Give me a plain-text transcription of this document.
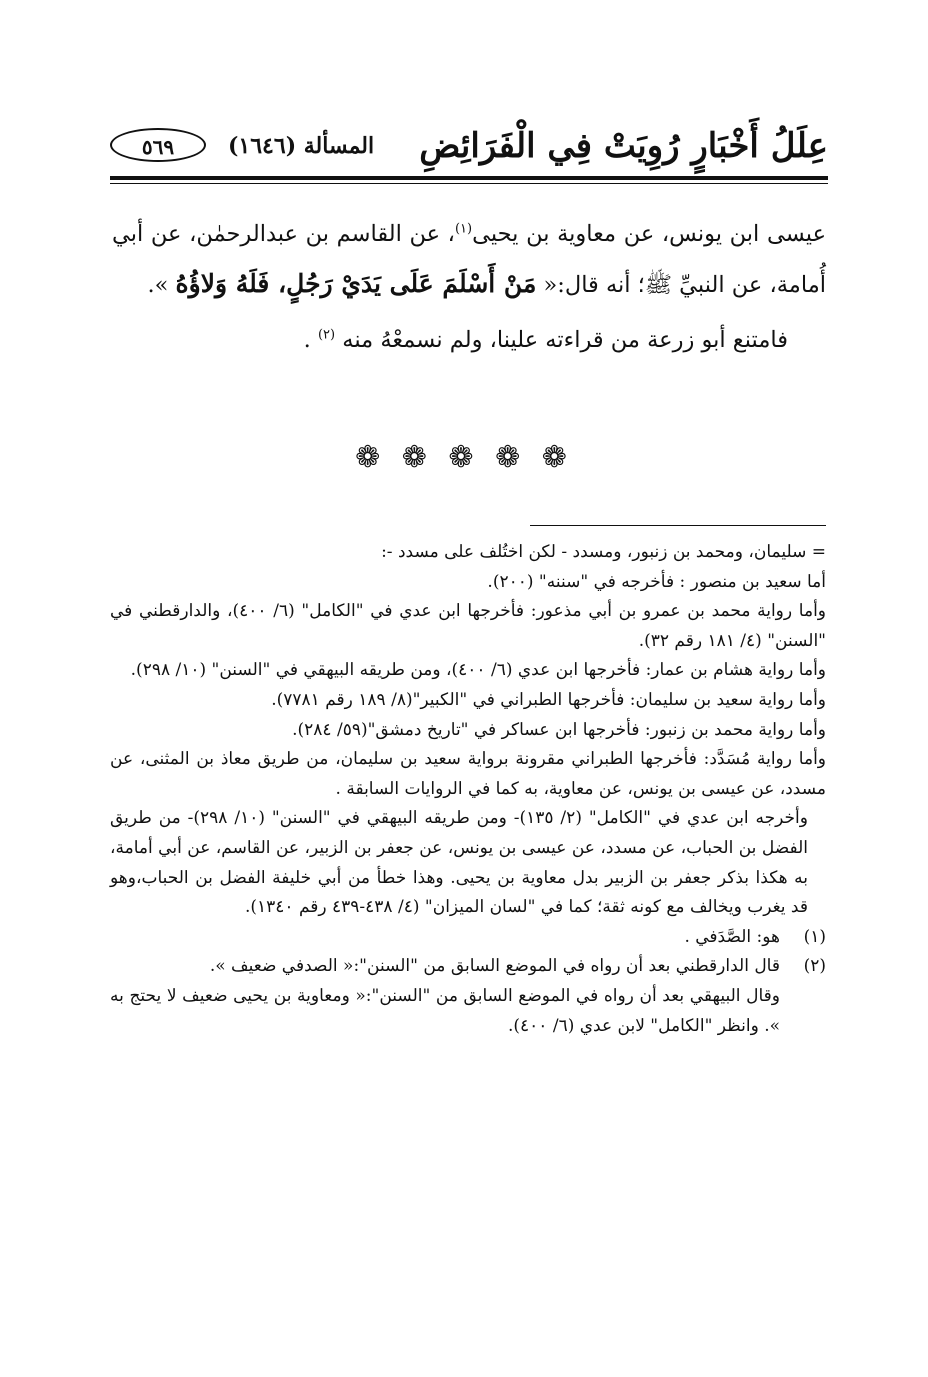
عِلَلُ أَخْبَارٍ رُوِيَتْ فِي الْفَرَائِضِ
المسألة (١٦٤٦)
٥٦٩

عيسى ابن يونس، عن معاوية بن يحيى$^{(١)}$، عن القاسم بن عبدالرحمٰن، عن أبي أُمامة، عن النبيِّ ﷺ؛ أنه قال:« مَنْ أَسْلَمَ عَلَى يَدَيْ رَجُلٍ، فَلَهُ وَلاؤُهُ ».

فامتنع أبو زرعة من قراءته علينا، ولم نسمعْهُ منه $^{(٢)}$ .

❁ ❁ ❁ ❁ ❁

= سليمان، ومحمد بن زنبور، ومسدد - لكن اختُلف على مسدد -:

أما سعيد بن منصور : فأخرجه في "سننه" (٢٠٠).

وأما رواية محمد بن عمرو بن أبي مذعور: فأخرجها ابن عدي في "الكامل" (٦/ ٤٠٠)، والدارقطني في "السنن" (٤/ ١٨١ رقم ٣٢).

وأما رواية هشام بن عمار: فأخرجها ابن عدي (٦/ ٤٠٠)، ومن طريقه البيهقي في "السنن" (١٠/ ٢٩٨).

وأما رواية سعيد بن سليمان: فأخرجها الطبراني في "الكبير"(٨/ ١٨٩ رقم ٧٧٨١).

وأما رواية محمد بن زنبور: فأخرجها ابن عساكر في "تاريخ دمشق"(٥٩/ ٢٨٤).

وأما رواية مُسَدَّد: فأخرجها الطبراني مقرونة برواية سعيد بن سليمان، من طريق معاذ بن المثنى، عن مسدد، عن عيسى بن يونس، عن معاوية، به كما في الروايات السابقة .

وأخرجه ابن عدي في "الكامل" (٢/ ١٣٥)- ومن طريقه البيهقي في "السنن" (١٠/ ٢٩٨)- من طريق الفضل بن الحباب، عن مسدد، عن عيسى بن يونس، عن جعفر بن الزبير، عن القاسم، عن أبي أمامة، به هكذا بذكر جعفر بن الزبير بدل معاوية بن يحيى. وهذا خطأ من أبي خليفة الفضل بن الحباب،وهو قد يغرب ويخالف مع كونه ثقة؛ كما في "لسان الميزان" (٤/ ٤٣٨-٤٣٩ رقم ١٣٤٠).

(١)
هو: الصَّدَفي .

(٢)
قال الدارقطني بعد أن رواه في الموضع السابق من "السنن":« الصدفي ضعيف ».

وقال البيهقي بعد أن رواه في الموضع السابق من "السنن":« ومعاوية بن يحيى ضعيف لا يحتج به ». وانظر "الكامل" لابن عدي (٦/ ٤٠٠).
